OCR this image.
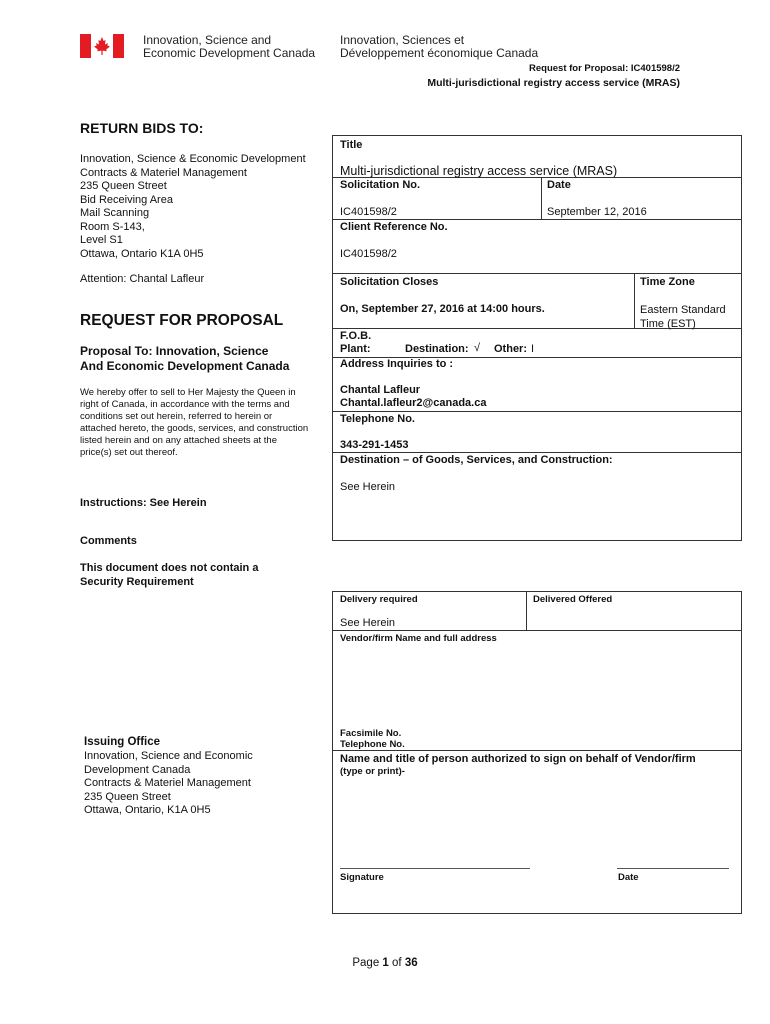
Innovation, Science and
Economic Development Canada
Innovation, Sciences et
Développement économique Canada
Request for Proposal: IC401598/2
Multi-jurisdictional registry access service (MRAS)
RETURN BIDS TO:
Innovation, Science & Economic Development
Contracts & Materiel Management
235 Queen Street
Bid Receiving Area
Mail Scanning
Room S-143,
Level S1
Ottawa, Ontario K1A 0H5
Attention: Chantal Lafleur
REQUEST FOR PROPOSAL
Proposal To: Innovation, Science
And Economic Development Canada
We hereby offer to sell to Her Majesty the Queen in
right of Canada, in accordance with the terms and
conditions set out herein, referred to herein or
attached hereto, the goods, services, and construction
listed herein and on any attached sheets at the
price(s) set out thereof.
Instructions: See Herein
Comments
This document does not contain a
Security Requirement
Issuing Office
Innovation, Science and Economic
Development Canada
Contracts & Materiel Management
235 Queen Street
Ottawa, Ontario, K1A 0H5
Title
Multi-jurisdictional registry access service (MRAS)
Solicitation No.
IC401598/2
Date
September 12, 2016
Client Reference No.
IC401598/2
Solicitation Closes
On, September 27, 2016 at 14:00 hours.
Time Zone
Eastern Standard
Time (EST)
F.O.B.
Plant:	Destination: √ Other: I
Address Inquiries to :
Chantal Lafleur
Chantal.lafleur2@canada.ca
Telephone No.
343-291-1453
Destination – of Goods, Services, and Construction:
See Herein
Delivery required
See Herein
Delivered Offered
Vendor/firm Name and full address
Facsimile No.
Telephone No.
Name and title of person authorized to sign on behalf of Vendor/firm
(type or print)-
Signature	Date
Page 1 of 36
